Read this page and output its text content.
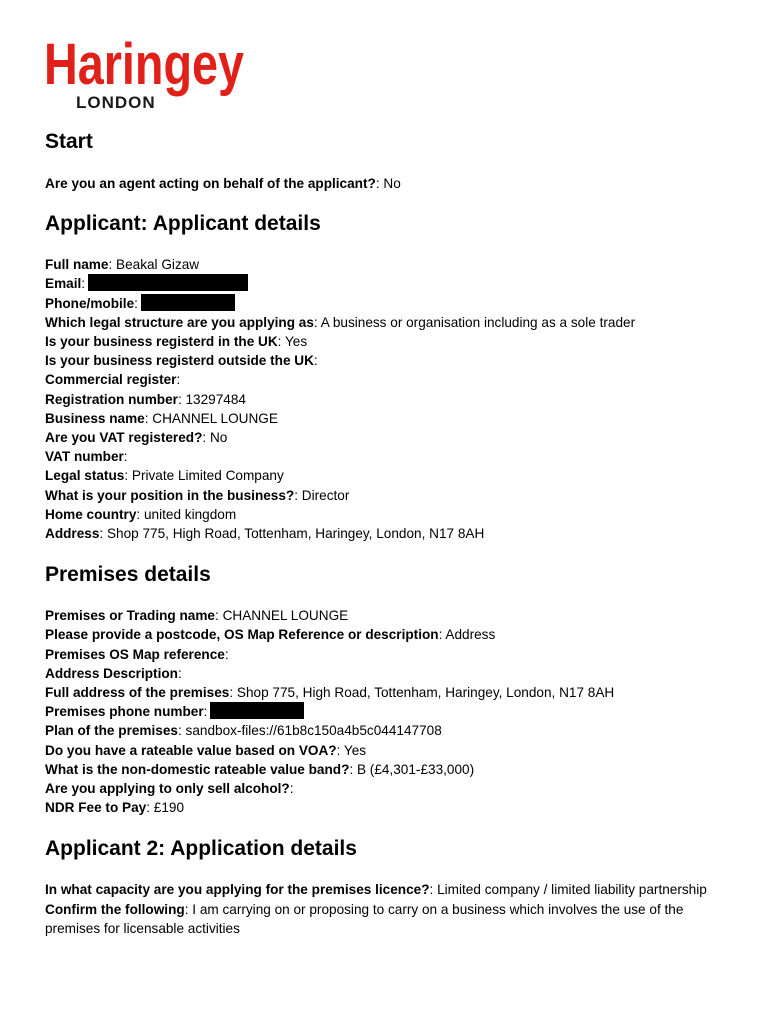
Haringey
LONDON
Start
Are you an agent acting on behalf of the applicant?: No
Applicant: Applicant details
Full name: Beakal Gizaw
Email:
Phone/mobile:
Which legal structure are you applying as: A business or organisation including as a sole trader
Is your business registerd in the UK: Yes
Is your business registerd outside the UK:
Commercial register:
Registration number: 13297484
Business name: CHANNEL LOUNGE
Are you VAT registered?: No
VAT number:
Legal status: Private Limited Company
What is your position in the business?: Director
Home country: united kingdom
Address: Shop 775, High Road, Tottenham, Haringey, London, N17 8AH
Premises details
Premises or Trading name: CHANNEL LOUNGE
Please provide a postcode, OS Map Reference or description: Address
Premises OS Map reference:
Address Description:
Full address of the premises: Shop 775, High Road, Tottenham, Haringey, London, N17 8AH
Premises phone number:
Plan of the premises: sandbox-files://61b8c150a4b5c044147708
Do you have a rateable value based on VOA?: Yes
What is the non-domestic rateable value band?: B (£4,301-£33,000)
Are you applying to only sell alcohol?:
NDR Fee to Pay: £190
Applicant 2: Application details
In what capacity are you applying for the premises licence?: Limited company / limited liability partnership
Confirm the following: I am carrying on or proposing to carry on a business which involves the use of the premises for licensable activities
